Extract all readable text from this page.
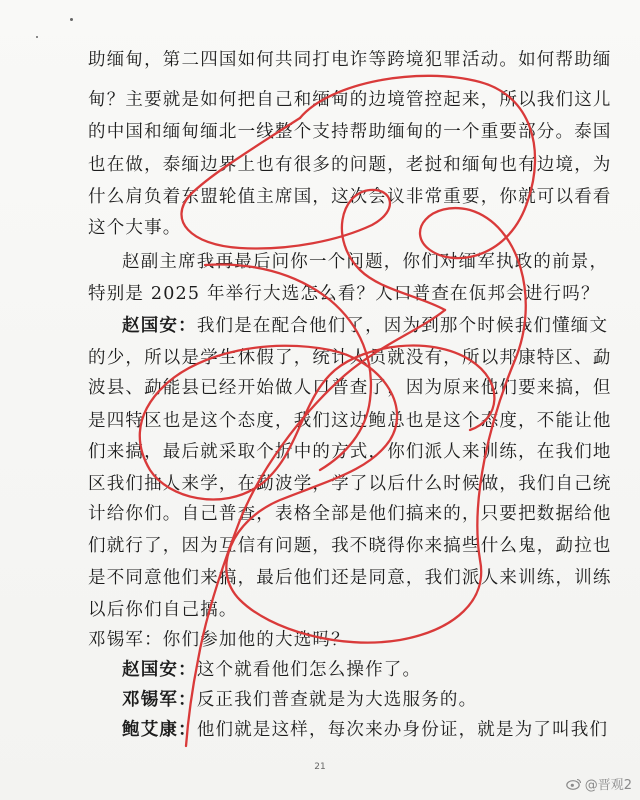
助缅甸，第二四国如何共同打电诈等跨境犯罪活动。如何帮助缅
甸？主要就是如何把自己和缅甸的边境管控起来，所以我们这儿
的中国和缅甸缅北一线整个支持帮助缅甸的一个重要部分。泰国
也在做，泰缅边界上也有很多的问题，老挝和缅甸也有边境，为
什么肩负着东盟轮值主席国，这次会议非常重要，你就可以看看
这个大事。
赵副主席我再最后问你一个问题，你们对缅军执政的前景，
特别是 2025 年举行大选怎么看？人口普查在佤邦会进行吗？
赵国安：我们是在配合他们了，因为到那个时候我们懂缅文
的少，所以是学生休假了，统计人员就没有，所以邦康特区、勐
波县、勐能县已经开始做人口普查了，因为原来他们要来搞，但
是四特区也是这个态度，我们这边鲍总也是这个态度，不能让他
们来搞，最后就采取个折中的方式，你们派人来训练，在我们地
区我们抽人来学，在勐波学，学了以后什么时候做，我们自己统
计给你们。自己普查，表格全部是他们搞来的，只要把数据给他
们就行了，因为互信有问题，我不晓得你来搞些什么鬼，勐拉也
是不同意他们来搞，最后他们还是同意，我们派人来训练，训练
以后你们自己搞。
邓锡军：你们参加他的大选吗？
赵国安：这个就看他们怎么操作了。
邓锡军：反正我们普查就是为大选服务的。
鲍艾康：他们就是这样，每次来办身份证，就是为了叫我们
21
@晋观2
